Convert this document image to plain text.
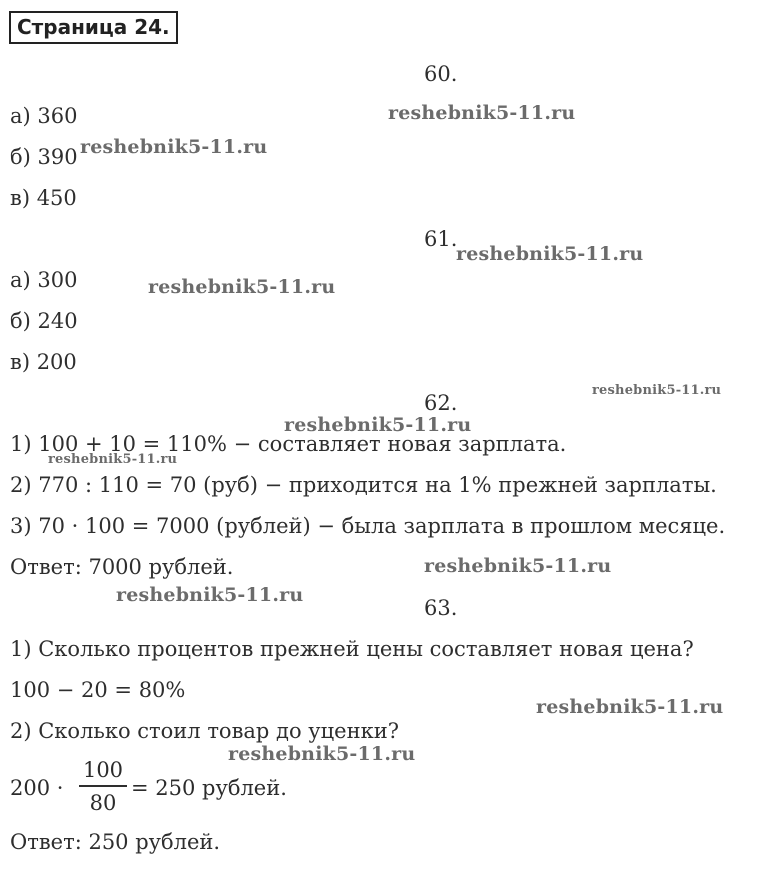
Страница 24.
60.
а) 360
б) 390
в) 450
61.
а) 300
б) 240
в) 200
62.
1) 100 + 10 = 110% − составляет новая зарплата.
2) 770 : 110 = 70 (руб) − приходится на 1% прежней зарплаты.
3) 70 · 100 = 7000 (рублей) − была зарплата в прошлом месяце.
Ответ: 7000 рублей.
63.
1) Сколько процентов прежней цены составляет новая цена?
100 − 20 = 80%
2) Сколько стоил товар до уценки?
200 ·
100
80
= 250 рублей.
Ответ: 250 рублей.
reshebnik5-11.ru
reshebnik5-11.ru
reshebnik5-11.ru
reshebnik5-11.ru
reshebnik5-11.ru
reshebnik5-11.ru
reshebnik5-11.ru
reshebnik5-11.ru
reshebnik5-11.ru
reshebnik5-11.ru
reshebnik5-11.ru
